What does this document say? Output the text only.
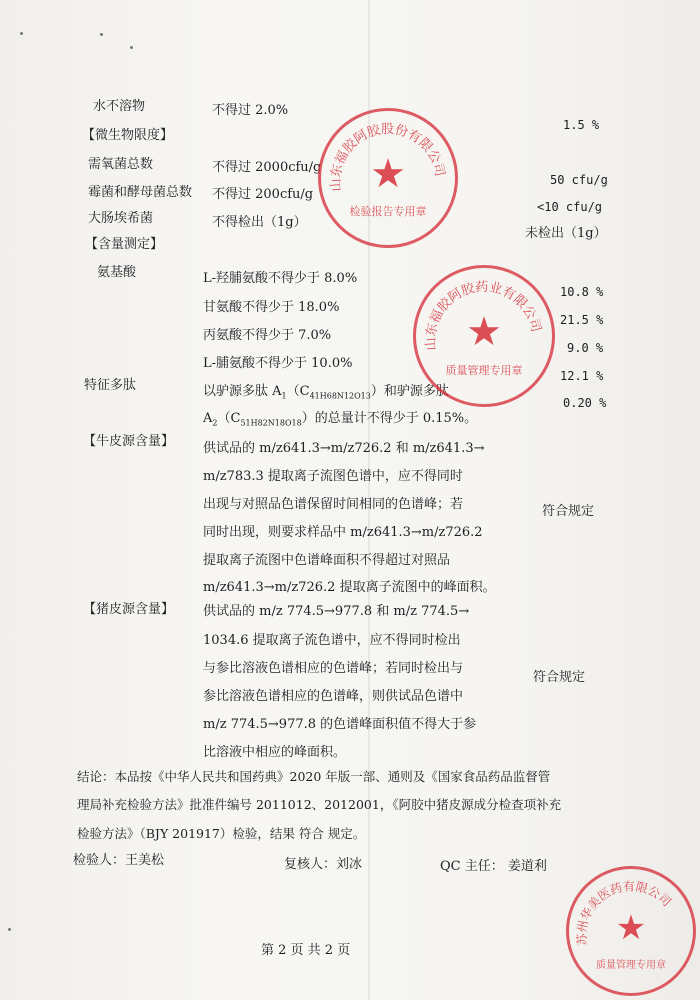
水不溶物	不得过 2.0%
1.5 %
【微生物限度】
需氧菌总数	不得过 2000cfu/g
50 cfu/g
霉菌和酵母菌总数 不得过 200cfu/g
<10 cfu/g
大肠埃希菌	不得检出（1g）
未检出（1g）
【含量测定】
氨基酸	L-羟脯氨酸不得少于 8.0%
10.8 %
甘氨酸不得少于 18.0%
21.5 %
丙氨酸不得少于 7.0%
9.0 %
L-脯氨酸不得少于 10.0%
12.1 %
特征多肽	以驴源多肽 $A_1(C_{41H68N12O13})$和驴源多肽
$A_2(C_{51H82N18O18})$的总量计不得少于 0.15%。
0.20 %
【牛皮源含量】 供试品的 m/z641.3→m/z726.2 和 m/z641.3→
m/z783.3 提取离子流图色谱中，应不得同时
出现与对照品色谱保留时间相同的色谱峰；若
同时出现，则要求样品中 m/z641.3→m/z726.2
提取离子流图中色谱峰面积不得超过对照品
m/z641.3→m/z726.2 提取离子流图中的峰面积。
符合规定
【猪皮源含量】 供试品的 m/z 774.5→977.8 和 m/z 774.5→
1034.6 提取离子流色谱中，应不得同时检出
与参比溶液色谱相应的色谱峰；若同时检出与
参比溶液色谱相应的色谱峰，则供试品色谱中
m/z 774.5→977.8 的色谱峰面积值不得大于参
比溶液中相应的峰面积。
符合规定
结论：本品按《中华人民共和国药典》2020 年版一部、通则及《国家食品药品监督管
理局补充检验方法》批准件编号 2011012、2012001，《阿胶中猪皮源成分检查项补充
检验方法》（BJY 201917）检验，结果 符合 规定。
检验人：王美松	复核人：刘冰	QC 主任： 姜道利
第 2 页 共 2 页
山东福胶阿胶股份有限公司
★
检验报告专用章
山东福胶阿胶药业有限公司
★
质量管理专用章
苏州华美医药有限公司
★
质量管理专用章
